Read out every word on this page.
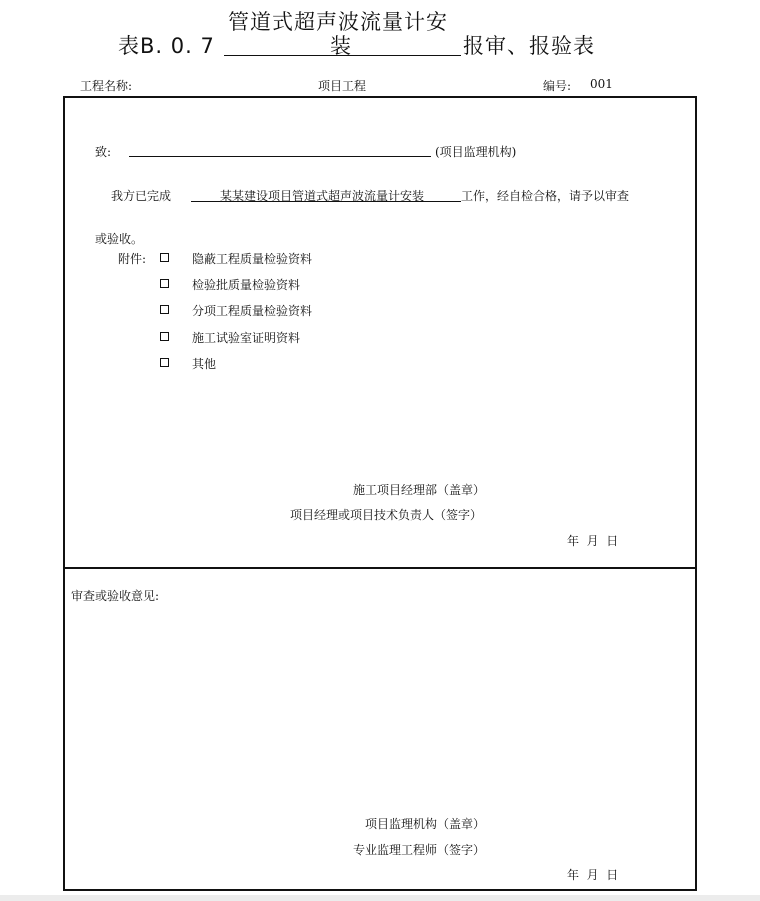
管道式超声波流量计安
表B. 0. 7	装	报审、报验表
工程名称:	项目工程	编号: 001
致:	(项目监理机构)
我方已完成	某某建设项目管道式超声波流量计安装	工作，经自检合格，请予以审查
或验收。
附件:	隐蔽工程质量检验资料
检验批质量检验资料
分项工程质量检验资料
施工试验室证明资料
其他
施工项目经理部（盖章）
项目经理或项目技术负责人（签字）
年  月  日
审查或验收意见:
项目监理机构（盖章）
专业监理工程师（签字）
年  月  日
